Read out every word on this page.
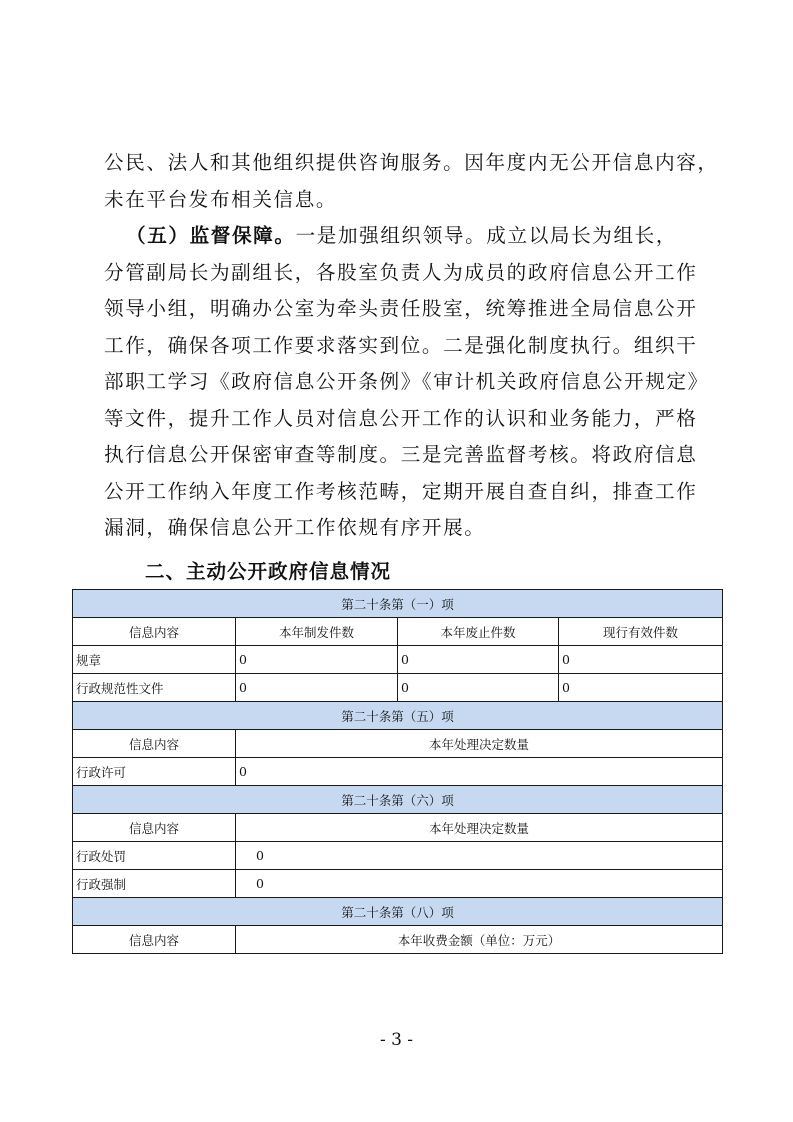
公民、法人和其他组织提供咨询服务。因年度内无公开信息内容，
未在平台发布相关信息。
（五）监督保障。一是加强组织领导。成立以局长为组长，
分管副局长为副组长，各股室负责人为成员的政府信息公开工作
领导小组，明确办公室为牵头责任股室，统筹推进全局信息公开
工作，确保各项工作要求落实到位。二是强化制度执行。组织干
部职工学习《政府信息公开条例》《审计机关政府信息公开规定》
等文件，提升工作人员对信息公开工作的认识和业务能力，严格
执行信息公开保密审查等制度。三是完善监督考核。将政府信息
公开工作纳入年度工作考核范畴，定期开展自查自纠，排查工作
漏洞，确保信息公开工作依规有序开展。
二、主动公开政府信息情况
第二十条第（一）项			
信息内容	本年制发件数	本年废止件数	现行有效件数
规章	0	0	0
行政规范性文件	0	0	0
第二十条第（五）项			
信息内容	本年处理决定数量		
行政许可	0		
第二十条第（六）项			
信息内容	本年处理决定数量		
行政处罚	0		
行政强制	0		
第二十条第（八）项			
信息内容	本年收费金额（单位：万元）		
- 3 -
